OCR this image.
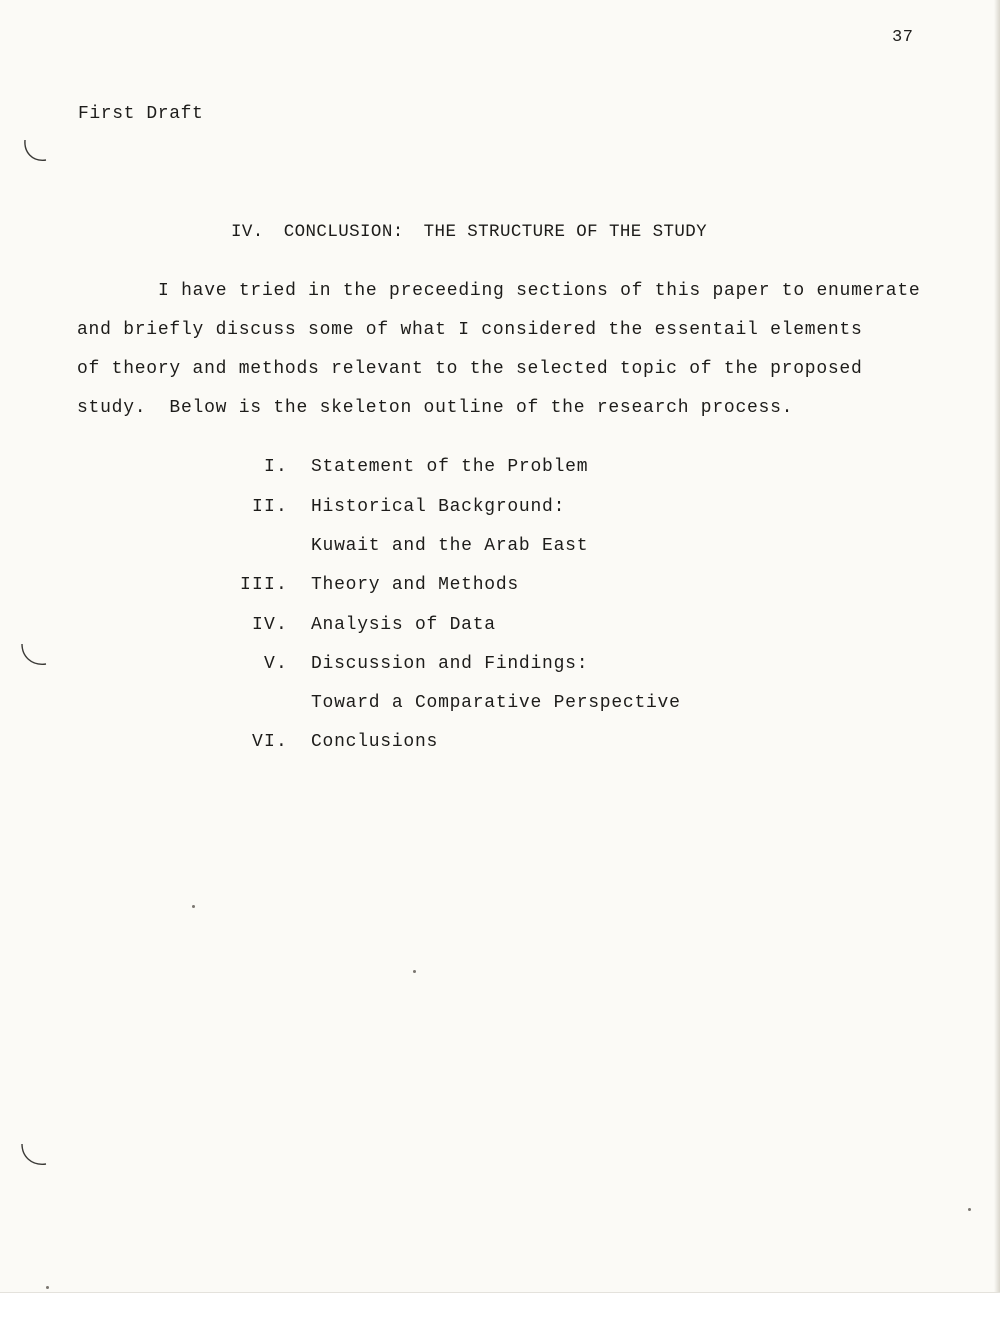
37
First Draft
IV. CONCLUSION: THE STRUCTURE OF THE STUDY
I have tried in the preceeding sections of this paper to enumerate
and briefly discuss some of what I considered the essentail elements
of theory and methods relevant to the selected topic of the proposed
study.  Below is the skeleton outline of the research process.
I. Statement of the Problem
II. Historical Background:
Kuwait and the Arab East
III. Theory and Methods
IV. Analysis of Data
V. Discussion and Findings:
Toward a Comparative Perspective
VI. Conclusions
